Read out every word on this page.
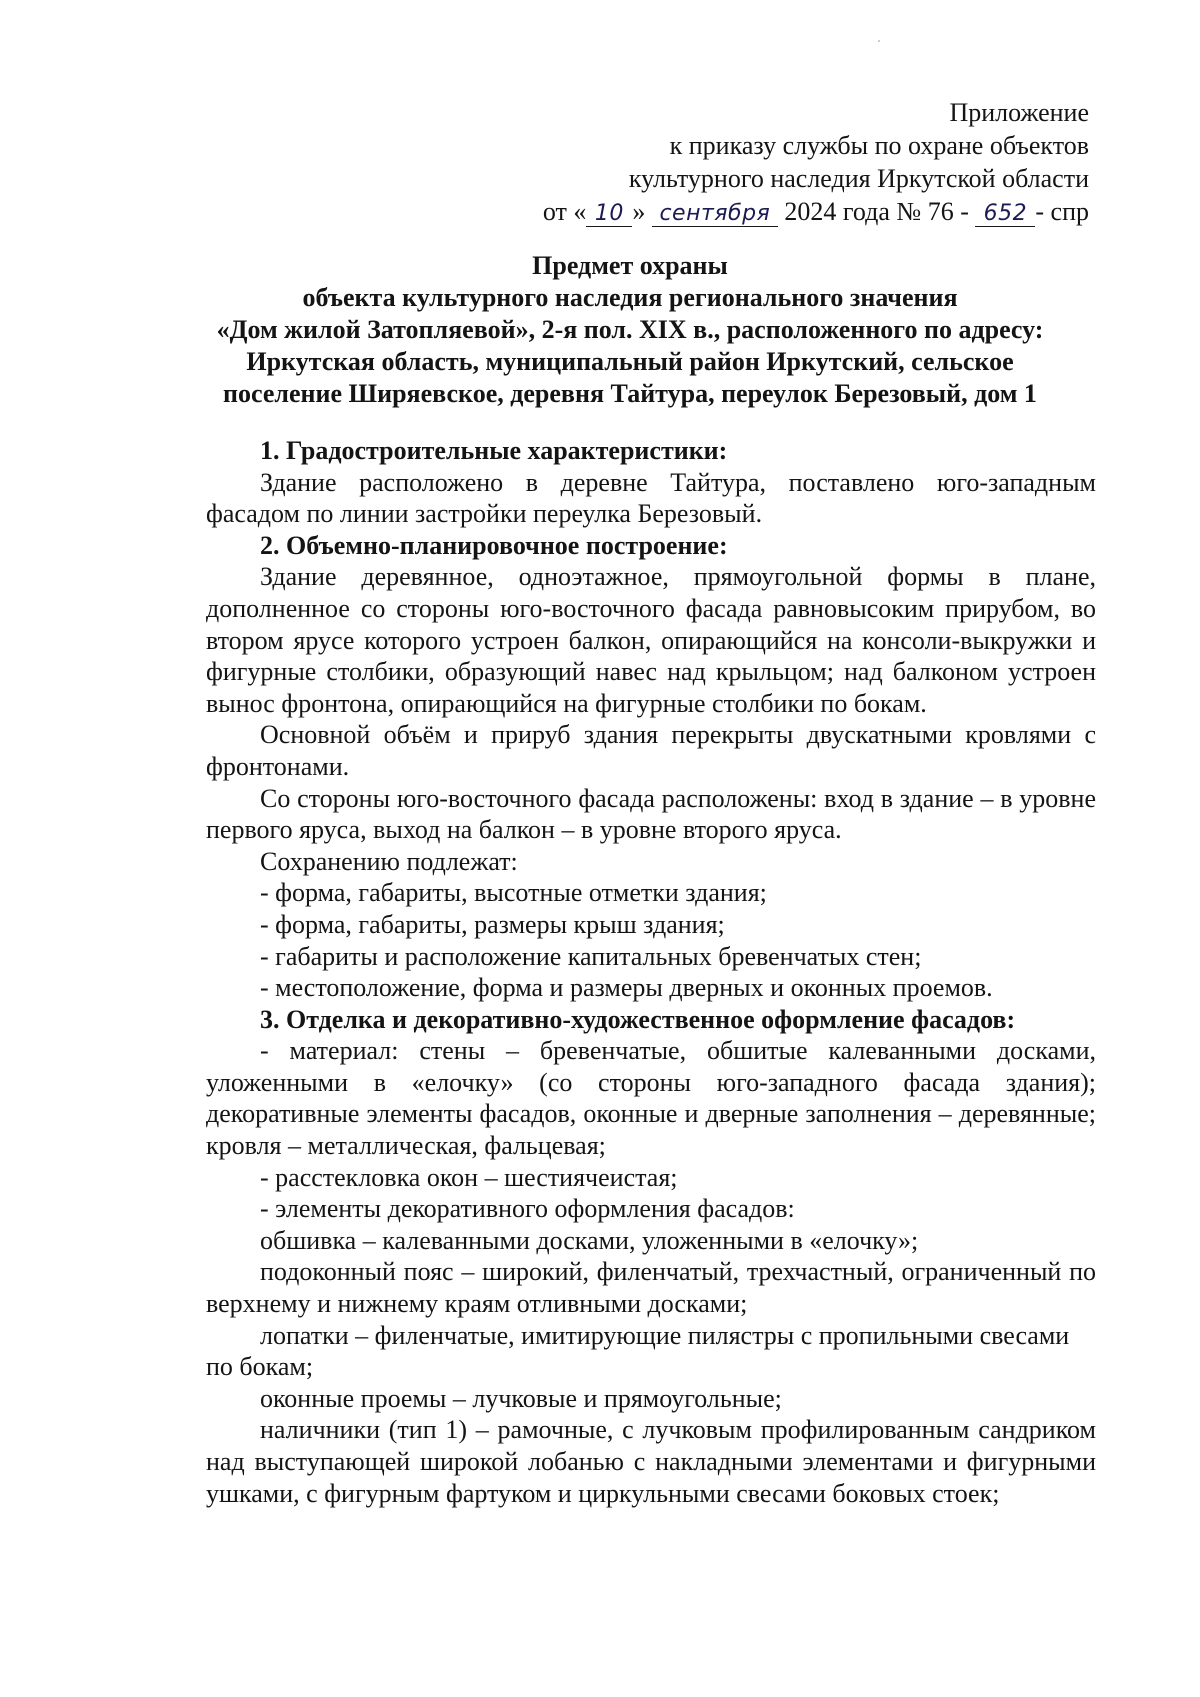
Приложение
к приказу службы по охране объектов
культурного наследия Иркутской области
от « 10 » сентября 2024 года № 76 - 652 - спр
Предмет охраны
объекта культурного наследия регионального значения
«Дом жилой Затопляевой», 2-я пол. XIX в., расположенного по адресу:
Иркутская область, муниципальный район Иркутский, сельское
поселение Ширяевское, деревня Тайтура, переулок Березовый, дом 1
1. Градостроительные характеристики:

Здание расположено в деревне Тайтура, поставлено юго-западным фасадом по линии застройки переулка Березовый.

2. Объемно-планировочное построение:

Здание деревянное, одноэтажное, прямоугольной формы в плане, дополненное со стороны юго-восточного фасада равновысоким прирубом, во втором ярусе которого устроен балкон, опирающийся на консоли-выкружки и фигурные столбики, образующий навес над крыльцом; над балконом устроен вынос фронтона, опирающийся на фигурные столбики по бокам.

Основной объём и прируб здания перекрыты двускатными кровлями с фронтонами.

Со стороны юго-восточного фасада расположены: вход в здание – в уровне первого яруса, выход на балкон – в уровне второго яруса.

Сохранению подлежат:
- форма, габариты, высотные отметки здания;
- форма, габариты, размеры крыш здания;
- габариты и расположение капитальных бревенчатых стен;
- местоположение, форма и размеры дверных и оконных проемов.
3. Отделка и декоративно-художественное оформление фасадов:

- материал: стены – бревенчатые, обшитые калеванными досками, уложенными в «елочку» (со стороны юго-западного фасада здания); декоративные элементы фасадов, оконные и дверные заполнения – деревянные; кровля – металлическая, фальцевая;

- расстекловка окон – шестиячеистая;
- элементы декоративного оформления фасадов:
обшивка – калеванными досками, уложенными в «елочку»;

подоконный пояс – широкий, филенчатый, трехчастный, ограниченный по верхнему и нижнему краям отливными досками;

лопатки – филенчатые, имитирующие пилястры с пропильными свесами по бокам;

оконные проемы – лучковые и прямоугольные;

наличники (тип 1) – рамочные, с лучковым профилированным сандриком над выступающей широкой лобанью с накладными элементами и фигурными ушками, с фигурным фартуком и циркульными свесами боковых стоек;
